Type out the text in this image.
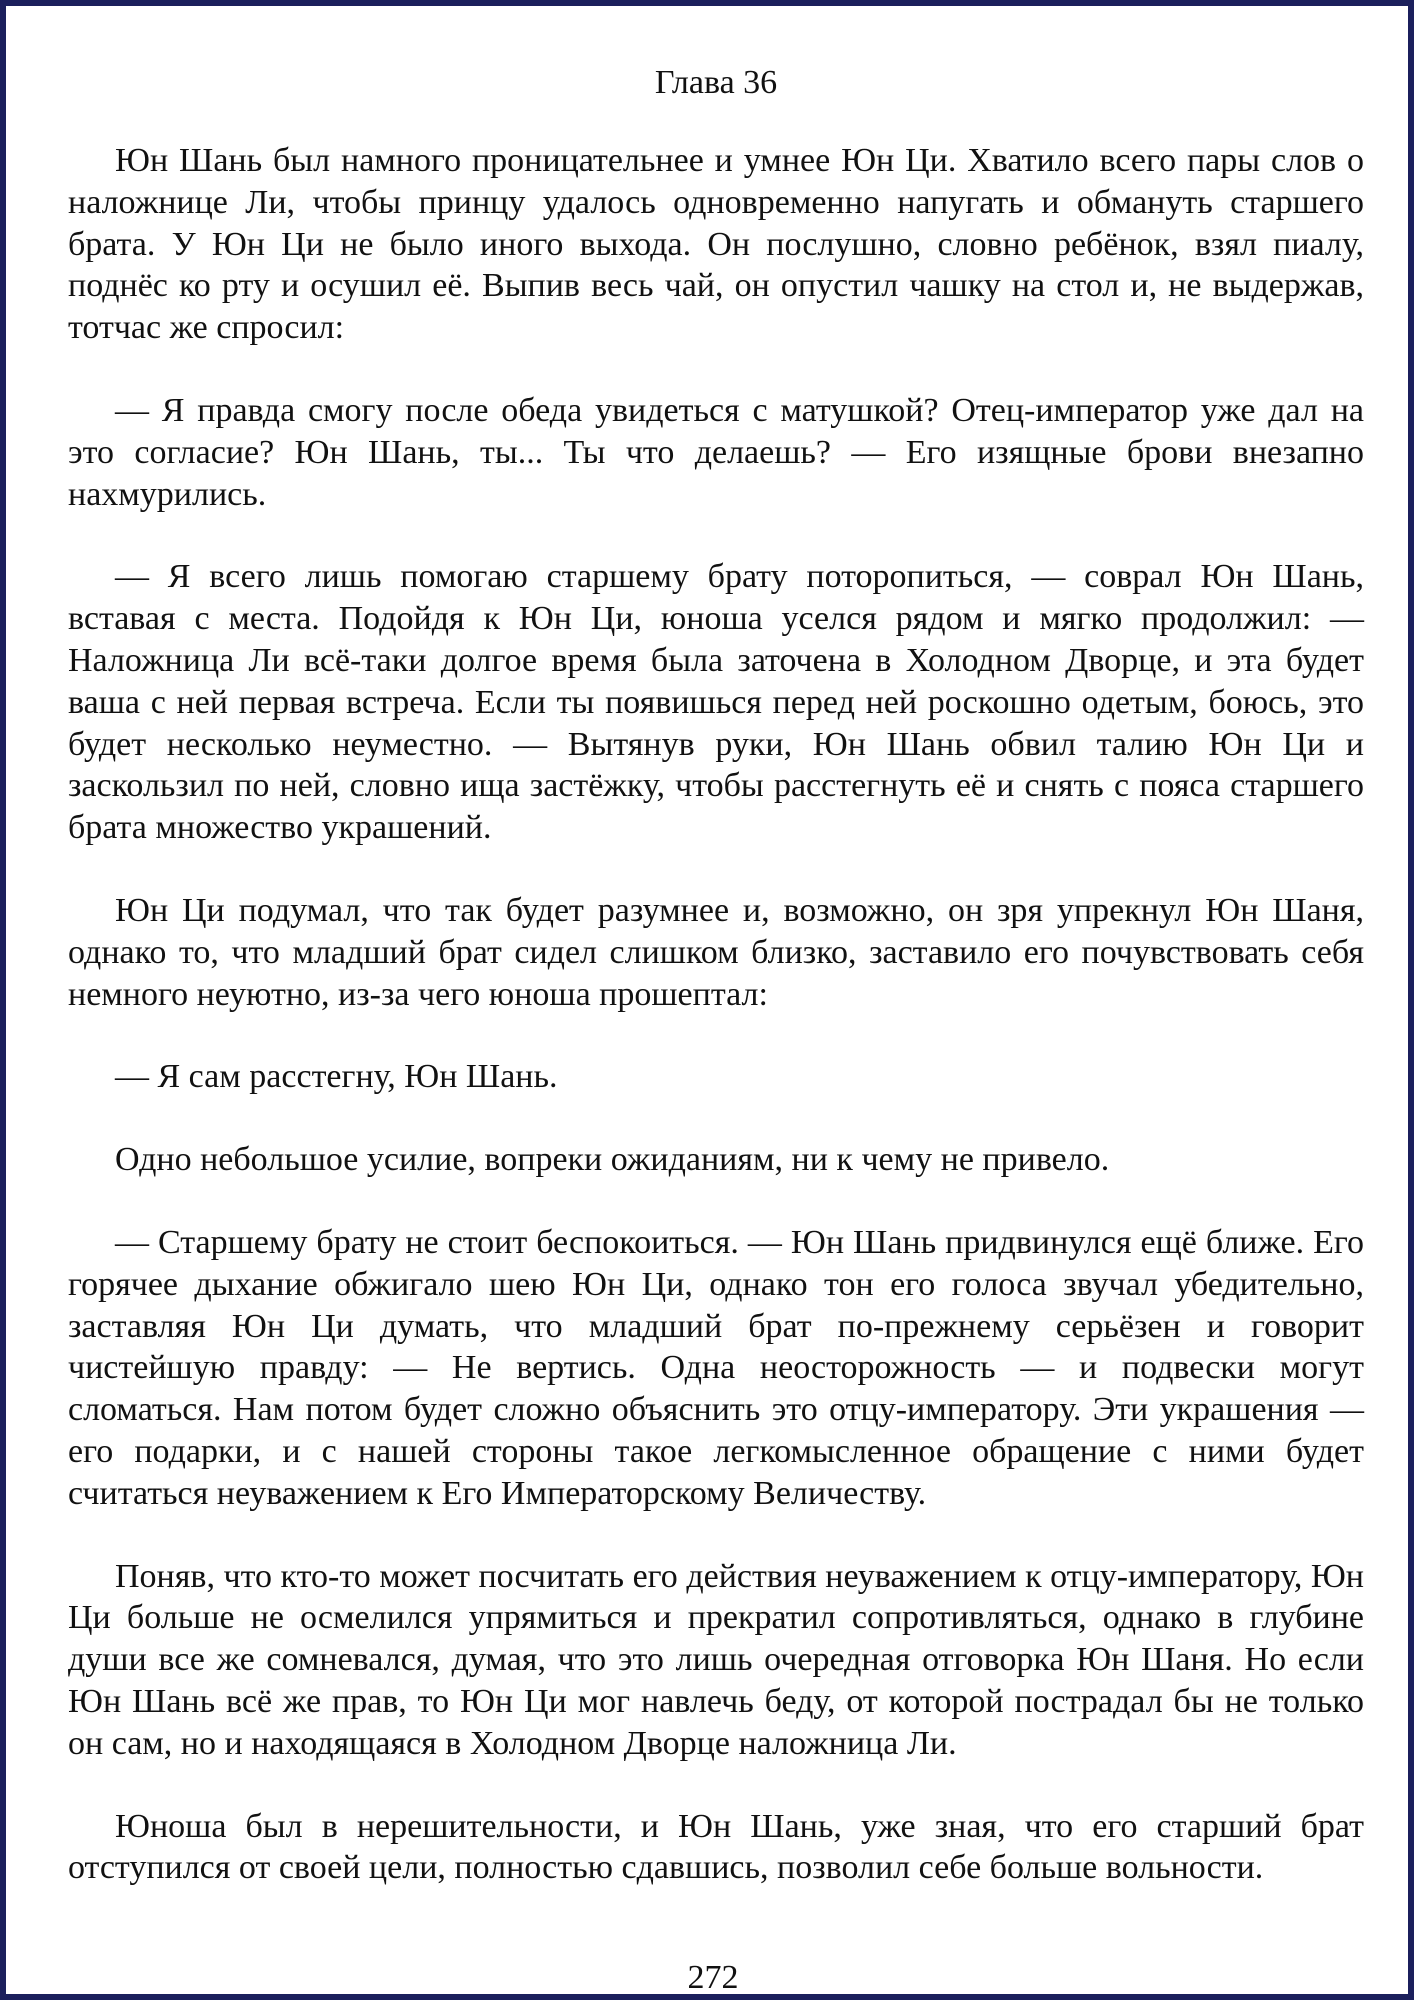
Глава 36

Юн Шань был намного проницательнее и умнее Юн Ци. Хватило всего пары слов о наложнице Ли, чтобы принцу удалось одновременно напугать и обмануть старшего брата. У Юн Ци не было иного выхода. Он послушно, словно ребёнок, взял пиалу, поднёс ко рту и осушил её. Выпив весь чай, он опустил чашку на стол и, не выдержав, тотчас же спросил:

— Я правда смогу после обеда увидеться с матушкой? Отец-император уже дал на это согласие? Юн Шань, ты... Ты что делаешь? — Его изящные брови внезапно нахмурились.

— Я всего лишь помогаю старшему брату поторопиться, — соврал Юн Шань, вставая с места. Подойдя к Юн Ци, юноша уселся рядом и мягко продолжил: — Наложница Ли всё-таки долгое время была заточена в Холодном Дворце, и эта будет ваша с ней первая встреча. Если ты появишься перед ней роскошно одетым, боюсь, это будет несколько неуместно. — Вытянув руки, Юн Шань обвил талию Юн Ци и заскользил по ней, словно ища застёжку, чтобы расстегнуть её и снять с пояса старшего брата множество украшений.

Юн Ци подумал, что так будет разумнее и, возможно, он зря упрекнул Юн Шаня, однако то, что младший брат сидел слишком близко, заставило его почувствовать себя немного неуютно, из-за чего юноша прошептал:

— Я сам расстегну, Юн Шань.

Одно небольшое усилие, вопреки ожиданиям, ни к чему не привело.

— Старшему брату не стоит беспокоиться. — Юн Шань придвинулся ещё ближе. Его горячее дыхание обжигало шею Юн Ци, однако тон его голоса звучал убедительно, заставляя Юн Ци думать, что младший брат по-прежнему серьёзен и говорит чистейшую правду: — Не вертись. Одна неосторожность — и подвески могут сломаться. Нам потом будет сложно объяснить это отцу-императору. Эти украшения — его подарки, и с нашей стороны такое легкомысленное обращение с ними будет считаться неуважением к Его Императорскому Величеству.

Поняв, что кто-то может посчитать его действия неуважением к отцу-императору, Юн Ци больше не осмелился упрямиться и прекратил сопротивляться, однако в глубине души все же сомневался, думая, что это лишь очередная отговорка Юн Шаня. Но если Юн Шань всё же прав, то Юн Ци мог навлечь беду, от которой пострадал бы не только он сам, но и находящаяся в Холодном Дворце наложница Ли.

Юноша был в нерешительности, и Юн Шань, уже зная, что его старший брат отступился от своей цели, полностью сдавшись, позволил себе больше вольности.

272
